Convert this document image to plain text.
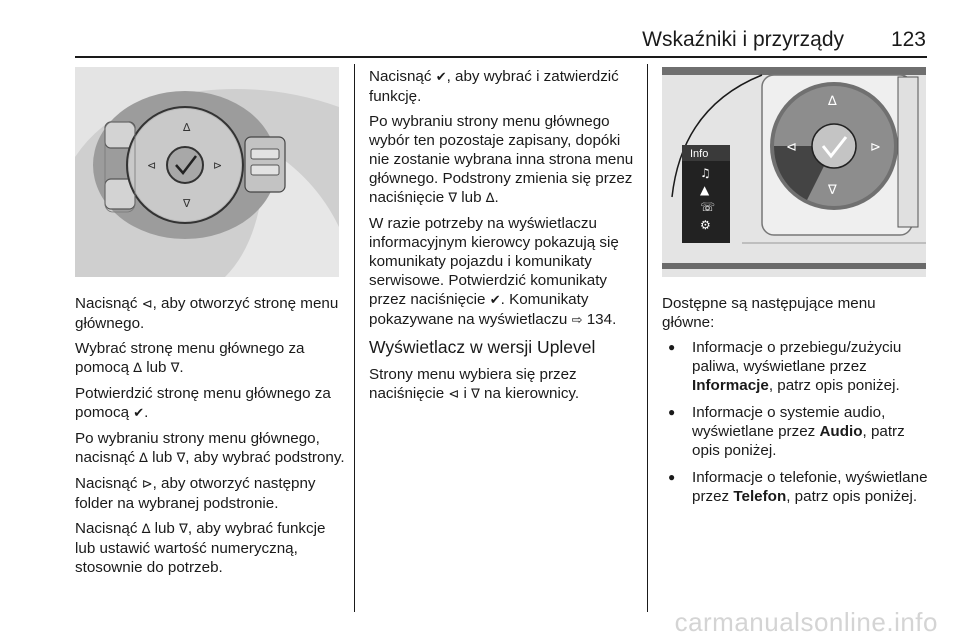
Wskaźniki i przyrządy 123
∆
∇
⊲	⊳
∆
∇
⊲	⊳
Info
♫
▲
☏
⚙

Nacisnąć ⊲, aby otworzyć stronę menu głównego.

Wybrać stronę menu głównego za pomocą ∆ lub ∇.

Potwierdzić stronę menu głównego za pomocą ✔.

Po wybraniu strony menu głównego, nacisnąć ∆ lub ∇, aby wybrać podstrony.

Nacisnąć ⊳, aby otworzyć następny folder na wybranej podstronie.

Nacisnąć ∆ lub ∇, aby wybrać funkcje lub ustawić wartość numeryczną, stosownie do potrzeb.

Nacisnąć ✔, aby wybrać i zatwierdzić funkcję.

Po wybraniu strony menu głównego wybór ten pozostaje zapisany, dopóki nie zostanie wybrana inna strona menu głównego. Podstrony zmienia się przez naciśnięcie ∇ lub ∆.

W razie potrzeby na wyświetlaczu informacyjnym kierowcy pokazują się komunikaty pojazdu i komunikaty serwisowe. Potwierdzić komunikaty przez naciśnięcie ✔. Komunikaty pokazywane na wyświetlaczu ⇨ 134.

Wyświetlacz w wersji Uplevel

Strony menu wybiera się przez naciśnięcie ⊲ i ∇ na kierownicy.

Dostępne są następujące menu główne:

● Informacje o przebiegu/zużyciu paliwa, wyświetlane przez Informacje, patrz opis poniżej.
● Informacje o systemie audio, wyświetlane przez Audio, patrz opis poniżej.
● Informacje o telefonie, wyświetlane przez Telefon, patrz opis poniżej.
carmanualsonline.info
